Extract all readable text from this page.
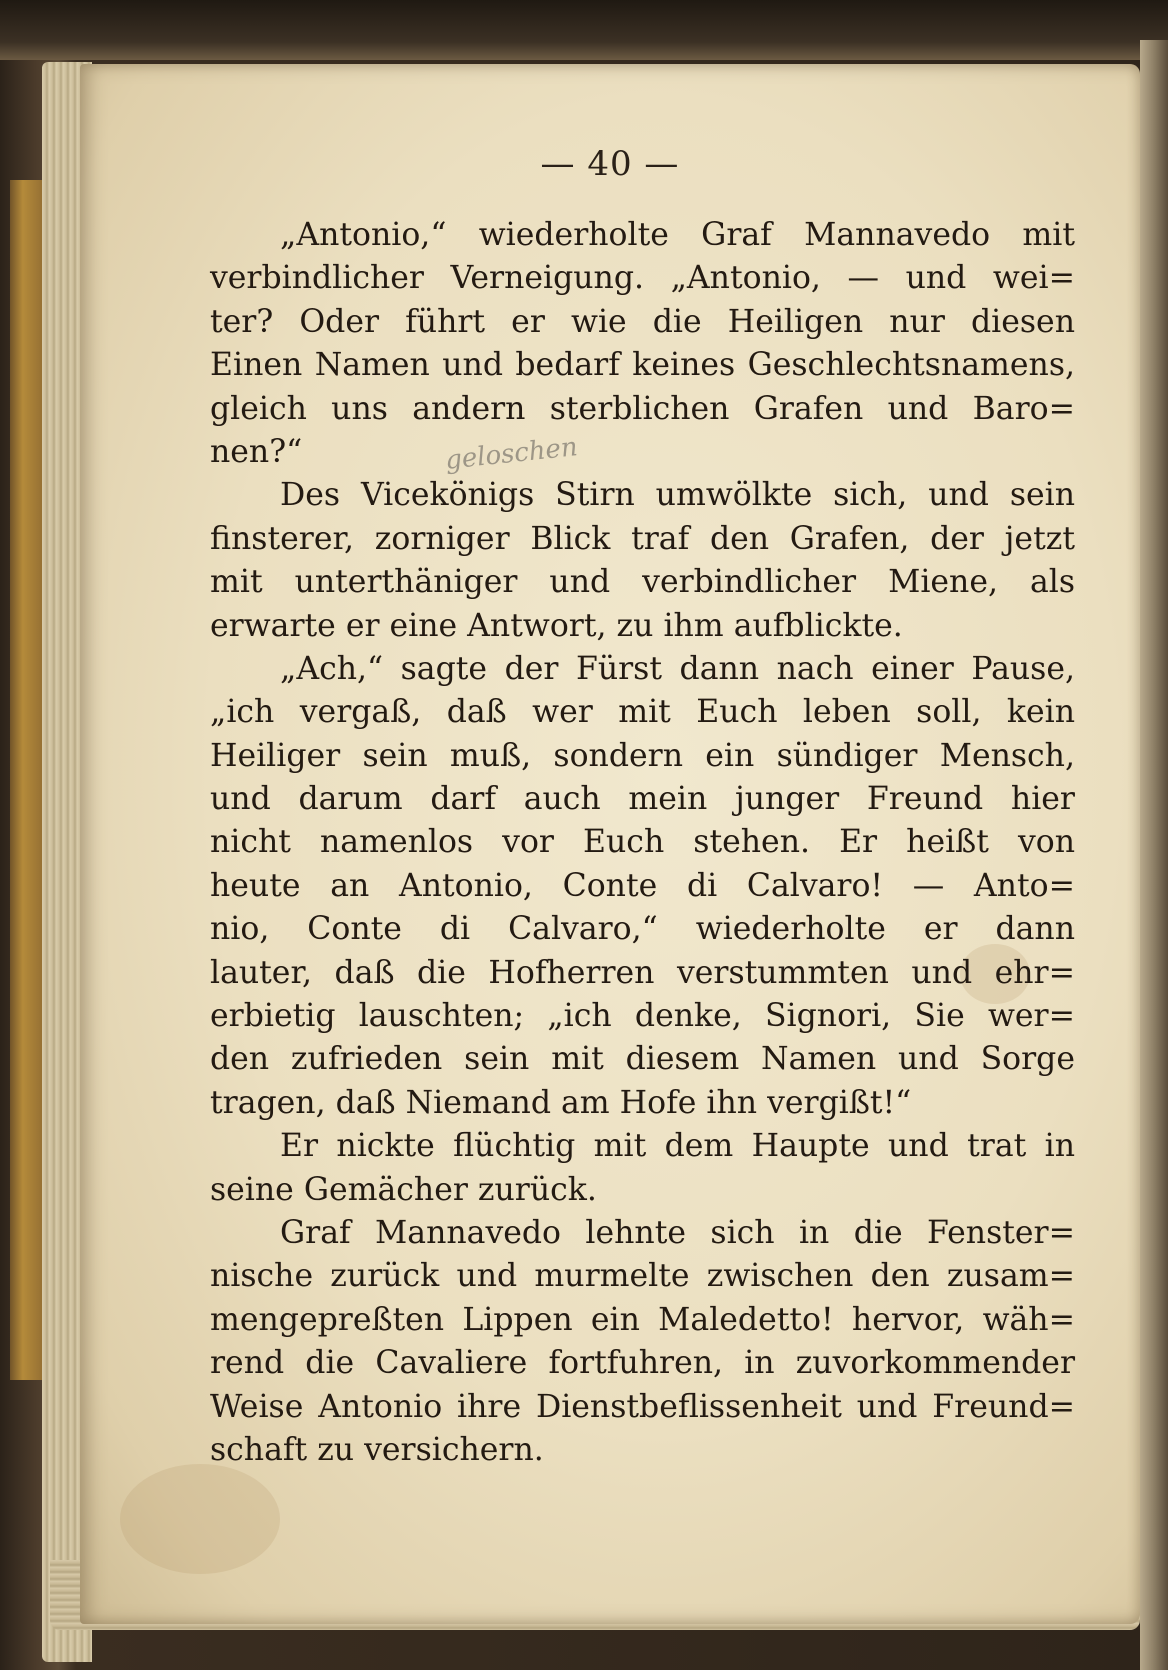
— 40 —
geloschen
„Antonio,“ wiederholte Graf Mannavedo mit
verbindlicher Verneigung. „Antonio, — und wei=
ter? Oder führt er wie die Heiligen nur diesen
Einen Namen und bedarf keines Geschlechtsnamens,
gleich uns andern sterblichen Grafen und Baro=
nen?“
Des Vicekönigs Stirn umwölkte sich, und sein
finsterer, zorniger Blick traf den Grafen, der jetzt
mit unterthäniger und verbindlicher Miene, als
erwarte er eine Antwort, zu ihm aufblickte.
„Ach,“ sagte der Fürst dann nach einer Pause,
„ich vergaß, daß wer mit Euch leben soll, kein
Heiliger sein muß, sondern ein sündiger Mensch,
und darum darf auch mein junger Freund hier
nicht namenlos vor Euch stehen. Er heißt von
heute an Antonio, Conte di Calvaro! — Anto=
nio, Conte di Calvaro,“ wiederholte er dann
lauter, daß die Hofherren verstummten und ehr=
erbietig lauschten; „ich denke, Signori, Sie wer=
den zufrieden sein mit diesem Namen und Sorge
tragen, daß Niemand am Hofe ihn vergißt!“
Er nickte flüchtig mit dem Haupte und trat in
seine Gemächer zurück.
Graf Mannavedo lehnte sich in die Fenster=
nische zurück und murmelte zwischen den zusam=
mengepreßten Lippen ein Maledetto! hervor, wäh=
rend die Cavaliere fortfuhren, in zuvorkommender
Weise Antonio ihre Dienstbeflissenheit und Freund=
schaft zu versichern.
